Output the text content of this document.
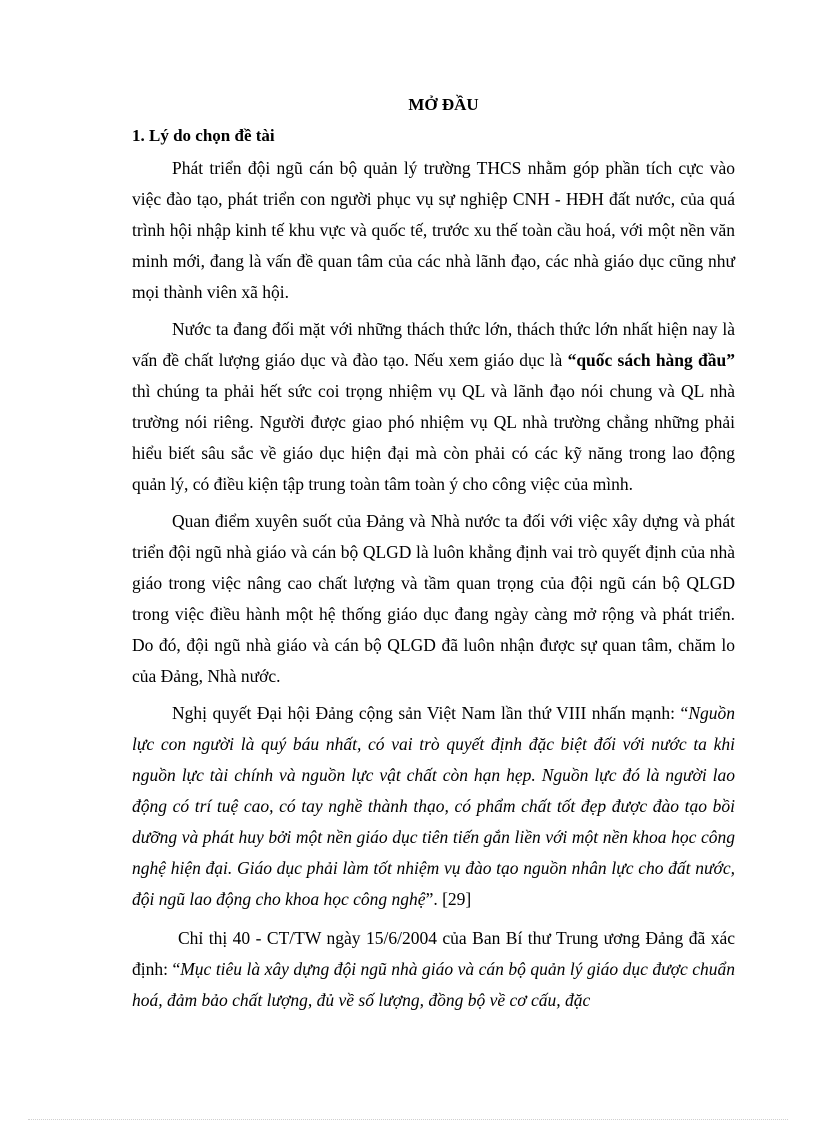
MỞ ĐẦU
1. Lý do chọn đề tài

Phát triển đội ngũ cán bộ quản lý trường THCS nhằm góp phần tích cực vào việc đào tạo, phát triển con người phục vụ sự nghiệp CNH - HĐH đất nước, của quá trình hội nhập kinh tế khu vực và quốc tế, trước xu thế toàn cầu hoá, với một nền văn minh mới, đang là vấn đề quan tâm của các nhà lãnh đạo, các nhà giáo dục cũng như mọi thành viên xã hội.

Nước ta đang đối mặt với những thách thức lớn, thách thức lớn nhất hiện nay là vấn đề chất lượng giáo dục và đào tạo. Nếu xem giáo dục là “quốc sách hàng đầu” thì chúng ta phải hết sức coi trọng nhiệm vụ QL và lãnh đạo nói chung và QL nhà trường nói riêng. Người được giao phó nhiệm vụ QL nhà trường chẳng những phải hiểu biết sâu sắc về giáo dục hiện đại mà còn phải có các kỹ năng trong lao động quản lý, có điều kiện tập trung toàn tâm toàn ý cho công việc của mình.

Quan điểm xuyên suốt của Đảng và Nhà nước ta đối với việc xây dựng và phát triển đội ngũ nhà giáo và cán bộ QLGD là luôn khẳng định vai trò quyết định của nhà giáo trong việc nâng cao chất lượng và tầm quan trọng của đội ngũ cán bộ QLGD trong việc điều hành một hệ thống giáo dục đang ngày càng mở rộng và phát triển. Do đó, đội ngũ nhà giáo và cán bộ QLGD đã luôn nhận được sự quan tâm, chăm lo của Đảng, Nhà nước.

Nghị quyết Đại hội Đảng cộng sản Việt Nam lần thứ VIII nhấn mạnh: “Nguồn lực con người là quý báu nhất, có vai trò quyết định đặc biệt đối với nước ta khi nguồn lực tài chính và nguồn lực vật chất còn hạn hẹp. Nguồn lực đó là người lao động có trí tuệ cao, có tay nghề thành thạo, có phẩm chất tốt đẹp được đào tạo bồi dưỡng và phát huy bởi một nền giáo dục tiên tiến gắn liền với một nền khoa học công nghệ hiện đại. Giáo dục phải làm tốt nhiệm vụ đào tạo nguồn nhân lực cho đất nước, đội ngũ lao động cho khoa học công nghệ”. [29]

Chỉ thị 40 - CT/TW ngày 15/6/2004 của Ban Bí thư Trung ương Đảng đã xác định: “Mục tiêu là xây dựng đội ngũ nhà giáo và cán bộ quản lý giáo dục được chuẩn hoá, đảm bảo chất lượng, đủ về số lượng, đồng bộ về cơ cấu, đặc
